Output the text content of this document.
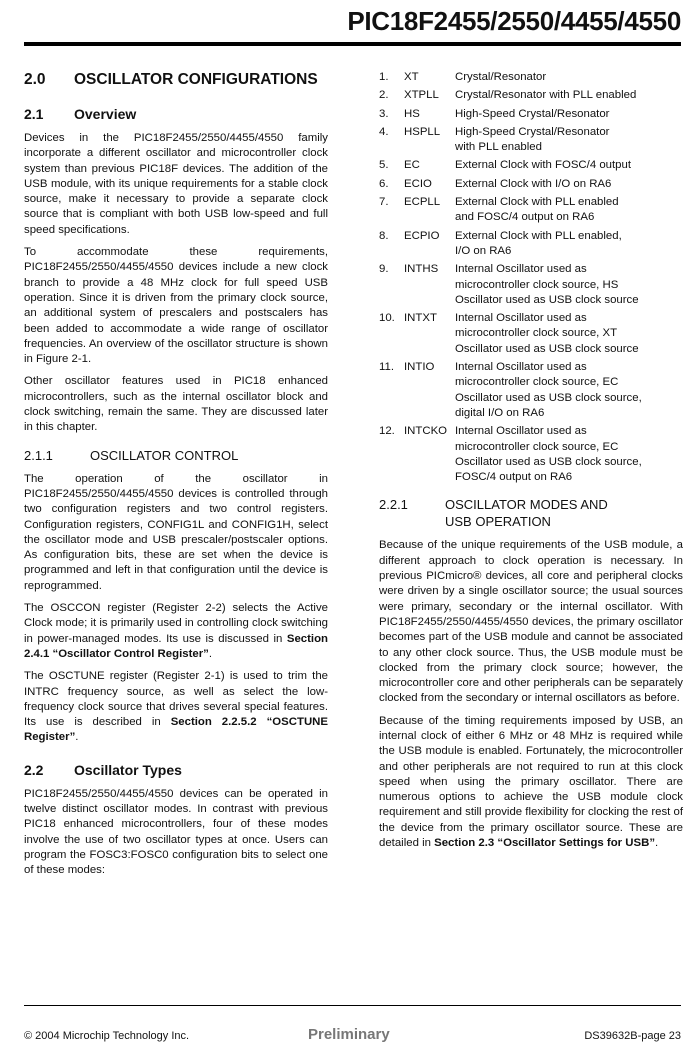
PIC18F2455/2550/4455/4550
2.0	OSCILLATOR CONFIGURATIONS
2.1	Overview

Devices in the PIC18F2455/2550/4455/4550 family incorporate a different oscillator and microcontroller clock system than previous PIC18F devices. The addition of the USB module, with its unique requirements for a stable clock source, make it necessary to provide a separate clock source that is compliant with both USB low-speed and full speed specifications.

To accommodate these requirements, PIC18F2455/2550/4455/4550 devices include a new clock branch to provide a 48 MHz clock for full speed USB operation. Since it is driven from the primary clock source, an additional system of prescalers and postscalers has been added to accommodate a wide range of oscillator frequencies. An overview of the oscillator structure is shown in Figure 2-1.

Other oscillator features used in PIC18 enhanced microcontrollers, such as the internal oscillator block and clock switching, remain the same. They are discussed later in this chapter.

2.1.1	OSCILLATOR CONTROL

The operation of the oscillator in PIC18F2455/2550/4455/4550 devices is controlled through two configuration registers and two control registers. Configuration registers, CONFIG1L and CONFIG1H, select the oscillator mode and USB prescaler/postscaler options. As configuration bits, these are set when the device is programmed and left in that configuration until the device is reprogrammed.

The OSCCON register (Register 2-2) selects the Active Clock mode; it is primarily used in controlling clock switching in power-managed modes. Its use is discussed in Section 2.4.1 “Oscillator Control Register”.

The OSCTUNE register (Register 2-1) is used to trim the INTRC frequency source, as well as select the low-frequency clock source that drives several special features. Its use is described in Section 2.2.5.2 “OSCTUNE Register”.

2.2	Oscillator Types

PIC18F2455/2550/4455/4550 devices can be operated in twelve distinct oscillator modes. In contrast with previous PIC18 enhanced microcontrollers, four of these modes involve the use of two oscillator types at once. Users can program the FOSC3:FOSC0 configuration bits to select one of these modes:

1.	XT	Crystal/Resonator
2.	XTPLL	Crystal/Resonator with PLL enabled
3.	HS	High-Speed Crystal/Resonator
4.	HSPLL	High-Speed Crystal/Resonator
with PLL enabled
5.	EC	External Clock with FOSC/4 output
6.	ECIO	External Clock with I/O on RA6
7.	ECPLL	External Clock with PLL enabled
and FOSC/4 output on RA6
8.	ECPIO	External Clock with PLL enabled,
I/O on RA6
9.	INTHS	Internal Oscillator used as
microcontroller clock source, HS
Oscillator used as USB clock source
10. INTXT	Internal Oscillator used as
microcontroller clock source, XT
Oscillator used as USB clock source
11. INTIO	Internal Oscillator used as
microcontroller clock source, EC
Oscillator used as USB clock source,
digital I/O on RA6
12. INTCKO Internal Oscillator used as
microcontroller clock source, EC
Oscillator used as USB clock source,
FOSC/4 output on RA6
2.2.1	OSCILLATOR MODES AND
USB OPERATION

Because of the unique requirements of the USB module, a different approach to clock operation is necessary. In previous PICmicro® devices, all core and peripheral clocks were driven by a single oscillator source; the usual sources were primary, secondary or the internal oscillator. With PIC18F2455/2550/4455/4550 devices, the primary oscillator becomes part of the USB module and cannot be associated to any other clock source. Thus, the USB module must be clocked from the primary clock source; however, the microcontroller core and other peripherals can be separately clocked from the secondary or internal oscillators as before.

Because of the timing requirements imposed by USB, an internal clock of either 6 MHz or 48 MHz is required while the USB module is enabled. Fortunately, the microcontroller and other peripherals are not required to run at this clock speed when using the primary oscillator. There are numerous options to achieve the USB module clock requirement and still provide flexibility for clocking the rest of the device from the primary oscillator source. These are detailed in Section 2.3 “Oscillator Settings for USB”.

© 2004 Microchip Technology Inc.	Preliminary	DS39632B-page 23
